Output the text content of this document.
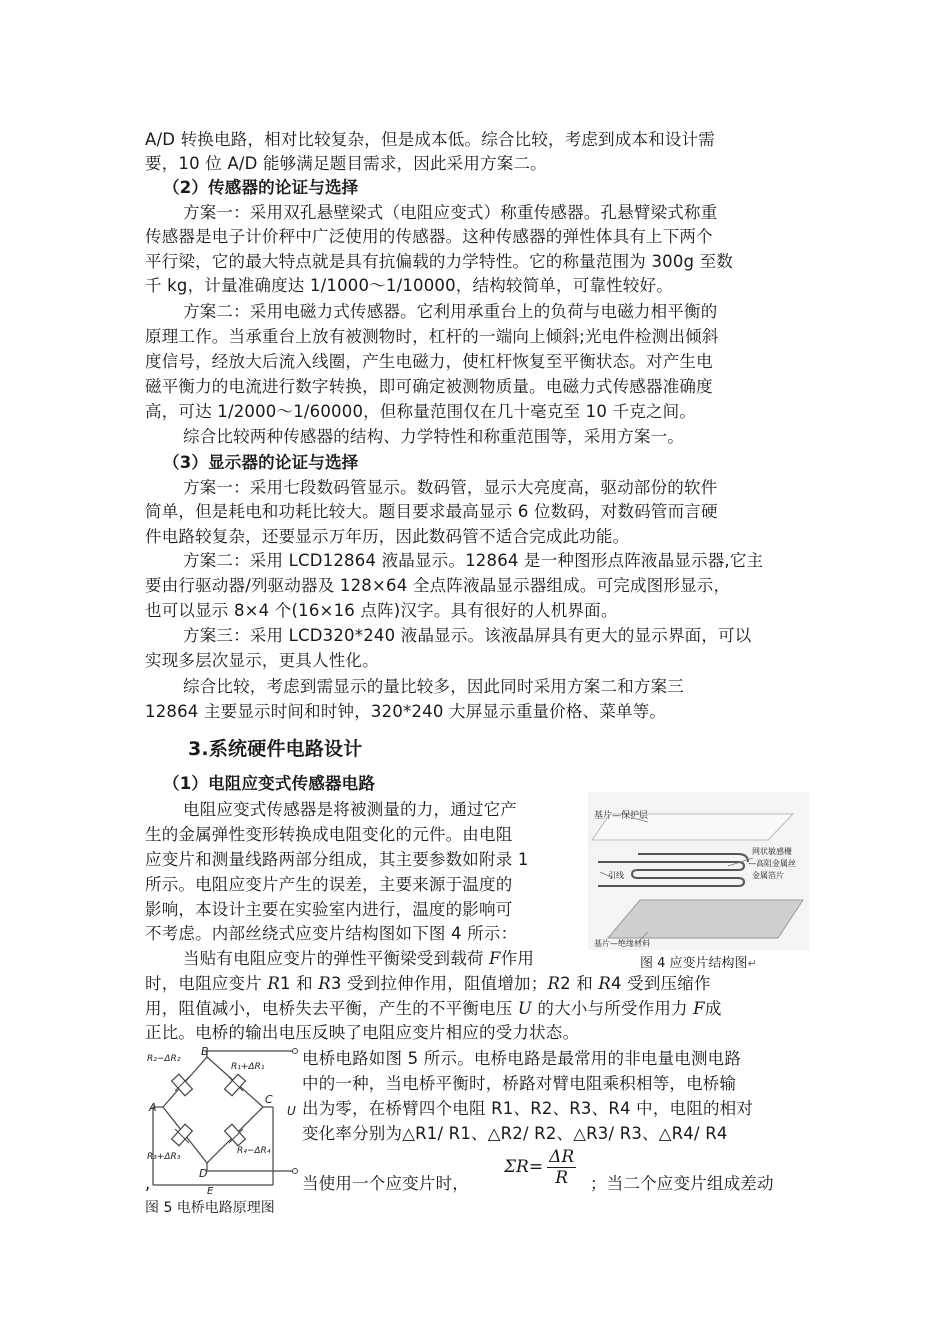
A/D 转换电路，相对比较复杂，但是成本低。综合比较，考虑到成本和设计需
要，10 位 A/D 能够满足题目需求，因此采用方案二。
（2）传感器的论证与选择
方案一：采用双孔悬壁梁式（电阻应变式）称重传感器。孔悬臂梁式称重
传感器是电子计价秤中广泛使用的传感器。这种传感器的弹性体具有上下两个
平行梁，它的最大特点就是具有抗偏载的力学特性。它的称量范围为 300g 至数
千 kg，计量准确度达 1/1000～1/10000，结构较简单，可靠性较好。
方案二：采用电磁力式传感器。它利用承重台上的负荷与电磁力相平衡的
原理工作。当承重台上放有被测物时，杠杆的一端向上倾斜;光电件检测出倾斜
度信号，经放大后流入线圈，产生电磁力，使杠杆恢复至平衡状态。对产生电
磁平衡力的电流进行数字转换，即可确定被测物质量。电磁力式传感器准确度
高，可达 1/2000～1/60000，但称量范围仅在几十毫克至 10 千克之间。
综合比较两种传感器的结构、力学特性和称重范围等，采用方案一。
（3）显示器的论证与选择
方案一：采用七段数码管显示。数码管，显示大亮度高，驱动部份的软件
简单，但是耗电和功耗比较大。题目要求最高显示 6 位数码，对数码管而言硬
件电路较复杂，还要显示万年历，因此数码管不适合完成此功能。
方案二：采用 LCD12864 液晶显示。12864 是一种图形点阵液晶显示器,它主
要由行驱动器/列驱动器及 128×64 全点阵液晶显示器组成。可完成图形显示，
也可以显示 8×4 个(16×16 点阵)汉字。具有很好的人机界面。
方案三：采用 LCD320*240 液晶显示。该液晶屏具有更大的显示界面，可以
实现多层次显示，更具人性化。
综合比较，考虑到需显示的量比较多，因此同时采用方案二和方案三
12864 主要显示时间和时钟，320*240 大屏显示重量价格、菜单等。
3.系统硬件电路设计
（1）电阻应变式传感器电路
电阻应变式传感器是将被测量的力，通过它产
生的金属弹性变形转换成电阻变化的元件。由电阻
应变片和测量线路两部分组成，其主要参数如附录 1
所示。电阻应变片产生的误差，主要来源于温度的
影响，本设计主要在实验室内进行，温度的影响可
不考虑。内部丝绕式应变片结构图如下图 4 所示：
基片—保护层
网状敏感栅
—高阻金属丝
金属箔片
引线
基片—绝缘材料
图 4 应变片结构图↵
当贴有电阻应变片的弹性平衡梁受到载荷 F作用
时，电阻应变片 R1 和 R3 受到拉伸作用，阻值增加；R2 和 R4 受到压缩作
用，阻值减小，电桥失去平衡，产生的不平衡电压 U 的大小与所受作用力 F成
正比。电桥的输出电压反映了电阻应变片相应的受力状态。
R₂−ΔR₂
B
R₁+ΔR₁
A
C
U
R₃+ΔR₃
D
R₄−ΔR₄
E
电桥电路如图 5 所示。电桥电路是最常用的非电量电测电路
中的一种，当电桥平衡时，桥路对臂电阻乘积相等，电桥输
出为零，在桥臂四个电阻 R1、R2、R3、R4 中，电阻的相对
变化率分别为△R1/ R1、△R2/ R2、△R3/ R3、△R4/ R4
,	当使用一个应变片时，
$\Sigma R= \frac{\Delta R}{R}$ ；当二个应变片组成差动
图 5 电桥电路原理图
